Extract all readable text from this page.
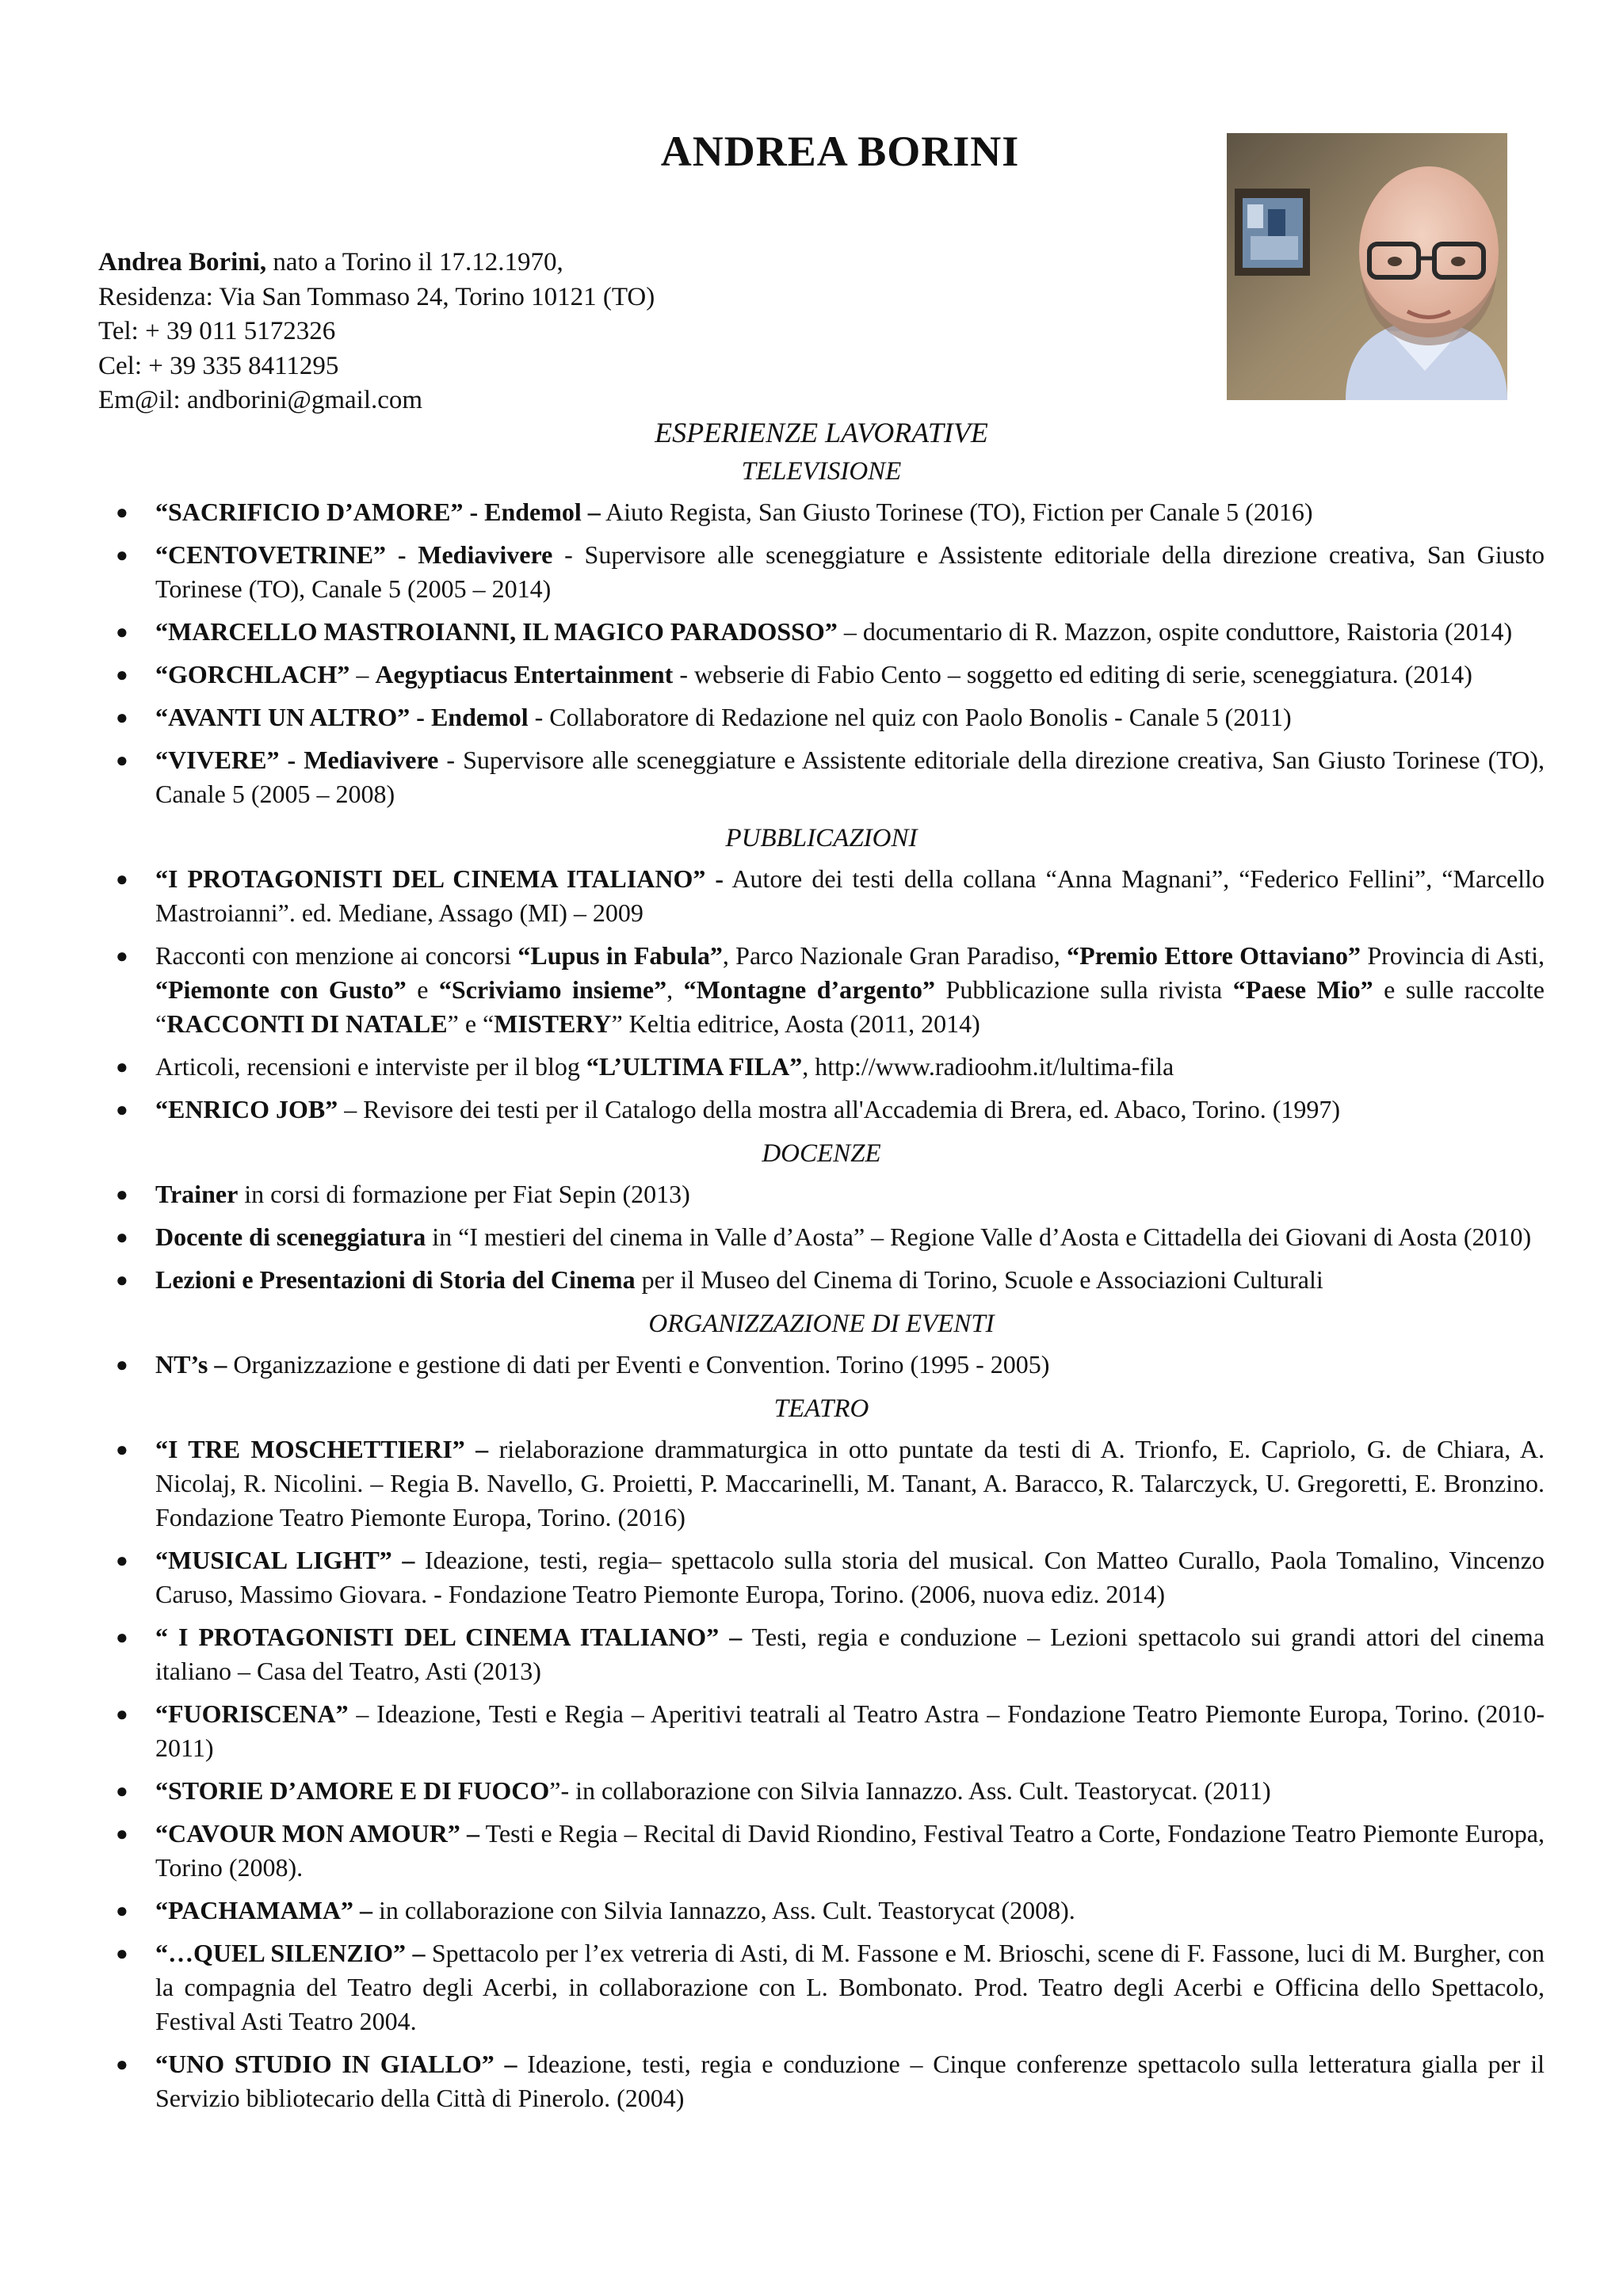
ANDREA BORINI
Andrea Borini, nato a Torino il 17.12.1970,
Residenza: Via San Tommaso 24, Torino 10121 (TO)
Tel: + 39 011 5172326
Cel: + 39 335 8411295
Em@il: andborini@gmail.com
ESPERIENZE LAVORATIVE
TELEVISIONE
● “SACRIFICIO D’AMORE” - Endemol – Aiuto Regista, San Giusto Torinese (TO), Fiction per Canale 5 (2016)
● “CENTOVETRINE” - Mediavivere - Supervisore alle sceneggiature e Assistente editoriale della direzione creativa, San Giusto Torinese (TO), Canale 5 (2005 – 2014)
● “MARCELLO MASTROIANNI, IL MAGICO PARADOSSO” – documentario di R. Mazzon, ospite conduttore, Raistoria (2014)
● “GORCHLACH” – Aegyptiacus Entertainment - webserie di Fabio Cento – soggetto ed editing di serie, sceneggiatura. (2014)
● “AVANTI UN ALTRO” - Endemol - Collaboratore di Redazione nel quiz con Paolo Bonolis - Canale 5 (2011)
● “VIVERE” - Mediavivere - Supervisore alle sceneggiature e Assistente editoriale della direzione creativa, San Giusto Torinese (TO), Canale 5 (2005 – 2008)
PUBBLICAZIONI
● “I PROTAGONISTI DEL CINEMA ITALIANO” - Autore dei testi della collana “Anna Magnani”, “Federico Fellini”, “Marcello Mastroianni”. ed. Mediane, Assago (MI) – 2009
● Racconti con menzione ai concorsi “Lupus in Fabula”, Parco Nazionale Gran Paradiso, “Premio Ettore Ottaviano” Provincia di Asti, “Piemonte con Gusto” e “Scriviamo insieme”, “Montagne d’argento” Pubblicazione sulla rivista “Paese Mio” e sulle raccolte “RACCONTI DI NATALE” e “MISTERY” Keltia editrice, Aosta (2011, 2014)
● Articoli, recensioni e interviste per il blog “L’ULTIMA FILA”, http://www.radioohm.it/lultima-fila
● “ENRICO JOB” – Revisore dei testi per il Catalogo della mostra all'Accademia di Brera, ed. Abaco, Torino. (1997)
DOCENZE
● Trainer in corsi di formazione per Fiat Sepin (2013)
● Docente di sceneggiatura in “I mestieri del cinema in Valle d’Aosta” – Regione Valle d’Aosta e Cittadella dei Giovani di Aosta (2010)
● Lezioni e Presentazioni di Storia del Cinema per il Museo del Cinema di Torino, Scuole e Associazioni Culturali
ORGANIZZAZIONE DI EVENTI
● NT’s – Organizzazione e gestione di dati per Eventi e Convention. Torino (1995 - 2005)
TEATRO
● “I TRE MOSCHETTIERI” – rielaborazione drammaturgica in otto puntate da testi di A. Trionfo, E. Capriolo, G. de Chiara, A. Nicolaj, R. Nicolini. – Regia B. Navello, G. Proietti, P. Maccarinelli, M. Tanant, A. Baracco, R. Talarczyck, U. Gregoretti, E. Bronzino. Fondazione Teatro Piemonte Europa, Torino. (2016)
● “MUSICAL LIGHT” – Ideazione, testi, regia– spettacolo sulla storia del musical. Con Matteo Curallo, Paola Tomalino, Vincenzo Caruso, Massimo Giovara. - Fondazione Teatro Piemonte Europa, Torino. (2006, nuova ediz. 2014)
● “ I PROTAGONISTI DEL CINEMA ITALIANO” – Testi, regia e conduzione – Lezioni spettacolo sui grandi attori del cinema italiano – Casa del Teatro, Asti (2013)
● “FUORISCENA” – Ideazione, Testi e Regia – Aperitivi teatrali al Teatro Astra – Fondazione Teatro Piemonte Europa, Torino. (2010-2011)
● “STORIE D’AMORE E DI FUOCO”- in collaborazione con Silvia Iannazzo. Ass. Cult. Teastorycat. (2011)
● “CAVOUR MON AMOUR” – Testi e Regia – Recital di David Riondino, Festival Teatro a Corte, Fondazione Teatro Piemonte Europa, Torino (2008).
● “PACHAMAMA” – in collaborazione con Silvia Iannazzo, Ass. Cult. Teastorycat (2008).
● “…QUEL SILENZIO” – Spettacolo per l’ex vetreria di Asti, di M. Fassone e M. Brioschi, scene di F. Fassone, luci di M. Burgher, con la compagnia del Teatro degli Acerbi, in collaborazione con L. Bombonato. Prod. Teatro degli Acerbi e Officina dello Spettacolo, Festival Asti Teatro 2004.
● “UNO STUDIO IN GIALLO” – Ideazione, testi, regia e conduzione – Cinque conferenze spettacolo sulla letteratura gialla per il Servizio bibliotecario della Città di Pinerolo. (2004)
